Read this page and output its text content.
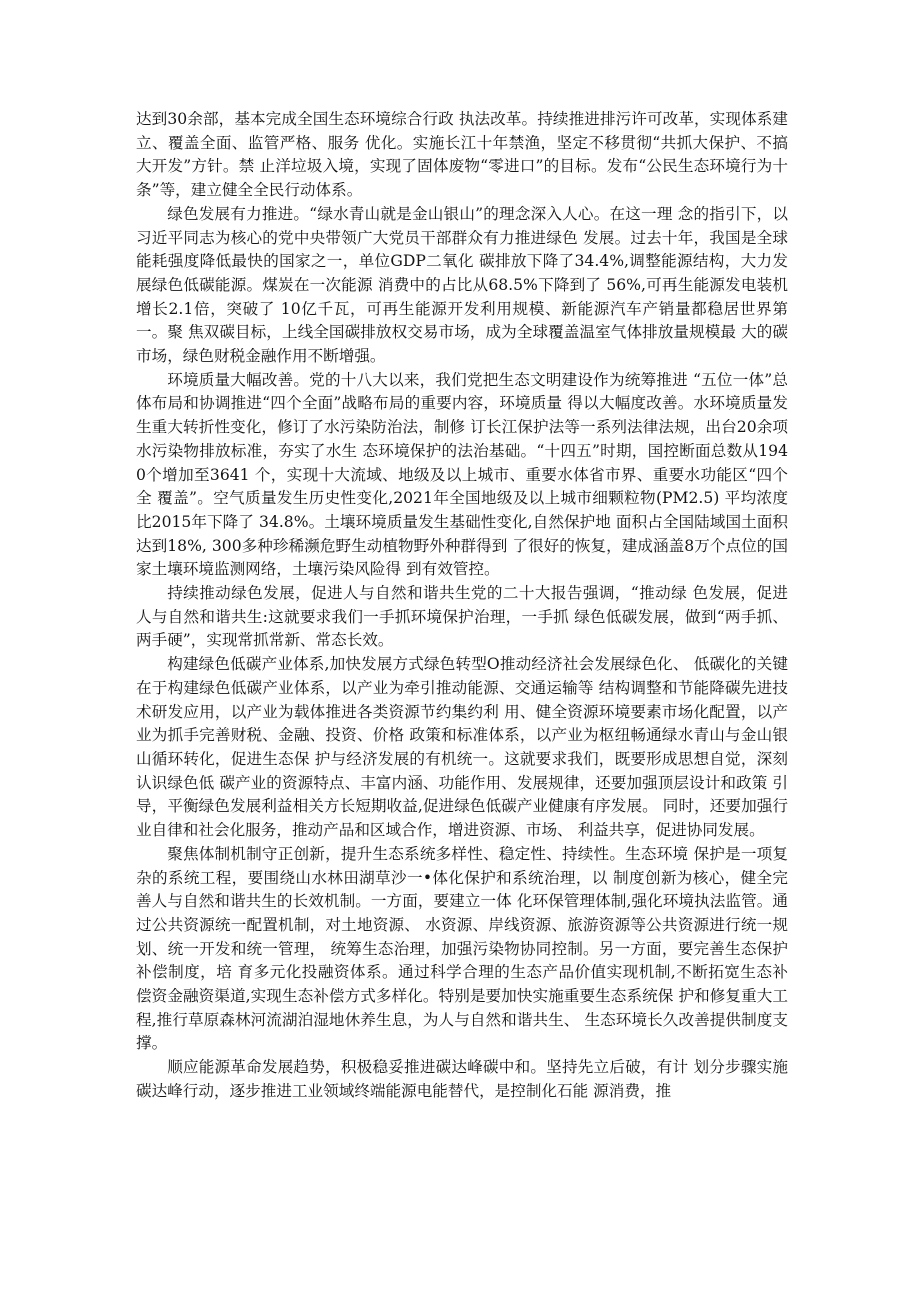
达到30余部，基本完成全国生态环境综合行政 执法改革。持续推进排污许可改革，实现体系建立、覆盖全面、监管严格、服务 优化。实施长江十年禁渔，坚定不移贯彻“共抓大保护、不搞大开发”方针。禁 止洋垃圾入境，实现了固体废物“零进口”的目标。发布“公民生态环境行为十 条”等，建立健全全民行动体系。

绿色发展有力推进。“绿水青山就是金山银山”的理念深入人心。在这一理 念的指引下，以习近平同志为核心的党中央带领广大党员干部群众有力推进绿色 发展。过去十年，我国是全球能耗强度降低最快的国家之一，单位GDP二氧化 碳排放下降了34.4%,调整能源结构，大力发展绿色低碳能源。煤炭在一次能源 消费中的占比从68.5%下降到了 56%,可再生能源发电装机增长2.1倍，突破了 10亿千瓦，可再生能源开发利用规模、新能源汽车产销量都稳居世界第一。聚 焦双碳目标，上线全国碳排放权交易市场，成为全球覆盖温室气体排放量规模最 大的碳市场，绿色财税金融作用不断增强。

环境质量大幅改善。党的十八大以来，我们党把生态文明建设作为统筹推进 “五位一体”总体布局和协调推进“四个全面”战略布局的重要内容，环境质量 得以大幅度改善。水环境质量发生重大转折性变化，修订了水污染防治法，制修 订长江保护法等一系列法律法规，出台20余项水污染物排放标准，夯实了水生 态环境保护的法治基础。“十四五”时期，国控断面总数从1940个增加至3641 个，实现十大流域、地级及以上城市、重要水体省市界、重要水功能区“四个全 覆盖”。空气质量发生历史性变化,2021年全国地级及以上城市细颗粒物(PM2.5) 平均浓度比2015年下降了 34.8%。土壤环境质量发生基础性变化,自然保护地 面积占全国陆域国土面积达到18%, 300多种珍稀濒危野生动植物野外种群得到 了很好的恢复，建成涵盖8万个点位的国家土壤环境监测网络，土壤污染风险得 到有效管控。

持续推动绿色发展，促进人与自然和谐共生党的二十大报告强调，“推动绿 色发展，促进人与自然和谐共生:这就要求我们一手抓环境保护治理，一手抓 绿色低碳发展，做到“两手抓、两手硬”，实现常抓常新、常态长效。

构建绿色低碳产业体系,加快发展方式绿色转型O推动经济社会发展绿色化、 低碳化的关键在于构建绿色低碳产业体系，以产业为牵引推动能源、交通运输等 结构调整和节能降碳先进技术研发应用，以产业为载体推进各类资源节约集约利 用、健全资源环境要素市场化配置，以产业为抓手完善财税、金融、投资、价格 政策和标准体系，以产业为枢纽畅通绿水青山与金山银山循环转化，促进生态保 护与经济发展的有机统一。这就要求我们，既要形成思想自觉，深刻认识绿色低 碳产业的资源特点、丰富内涵、功能作用、发展规律，还要加强顶层设计和政策 引导，平衡绿色发展利益相关方长短期收益,促进绿色低碳产业健康有序发展。 同时，还要加强行业自律和社会化服务，推动产品和区域合作，增进资源、市场、 利益共享，促进协同发展。

聚焦体制机制守正创新，提升生态系统多样性、稳定性、持续性。生态环境 保护是一项复杂的系统工程，要围绕山水林田湖草沙一•体化保护和系统治理，以 制度创新为核心，健全完善人与自然和谐共生的长效机制。一方面，要建立一体 化环保管理体制,强化环境执法监管。通过公共资源统一配置机制，对土地资源、 水资源、岸线资源、旅游资源等公共资源进行统一规划、统一开发和统一管理， 统筹生态治理，加强污染物协同控制。另一方面，要完善生态保护补偿制度，培 育多元化投融资体系。通过科学合理的生态产品价值实现机制,不断拓宽生态补 偿资金融资渠道,实现生态补偿方式多样化。特别是要加快实施重要生态系统保 护和修复重大工程,推行草原森林河流湖泊湿地休养生息，为人与自然和谐共生、 生态环境长久改善提供制度支撑。

顺应能源革命发展趋势，积极稳妥推进碳达峰碳中和。坚持先立后破，有计 划分步骤实施碳达峰行动，逐步推进工业领域终端能源电能替代，是控制化石能 源消费，推
